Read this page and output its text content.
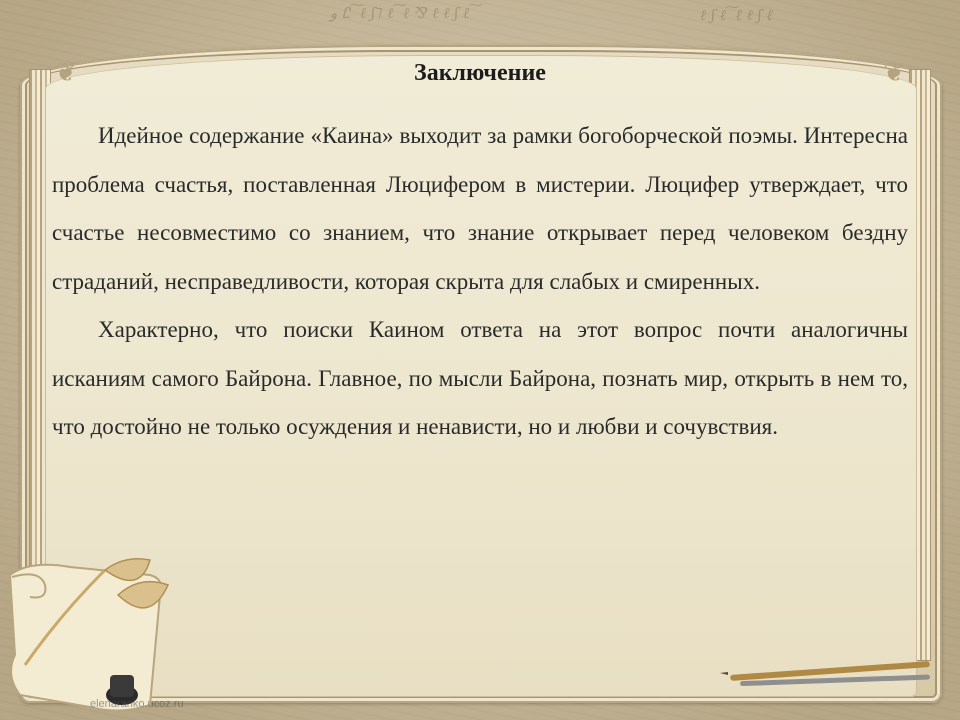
ﻭ Ꮭ ͠ ℓ ʃ˥ ℓ ͠ ℓ ⅋ ℓ ℓ ʃ ℓ ͠	ℓ ʃ ℓ ͠ ℓ ℓ ʃ ℓ
❦	❦
Заключение

Идейное содержание «Каина» выходит за рамки богоборческой поэмы. Интересна проблема счастья, поставленная Люцифером в мистерии. Люцифер утверждает, что счастье несовместимо со знанием, что знание открывает перед человеком бездну страданий, несправедливости, которая скрыта для слабых и смиренных.

Характерно, что поиски Каином ответа на этот вопрос почти аналогичны исканиям самого Байрона. Главное, по мысли Байрона, познать мир, открыть в нем то, что достойно не только осуждения и ненависти, но и любви и сочувствия.

elenaranko.ucoz.ru
